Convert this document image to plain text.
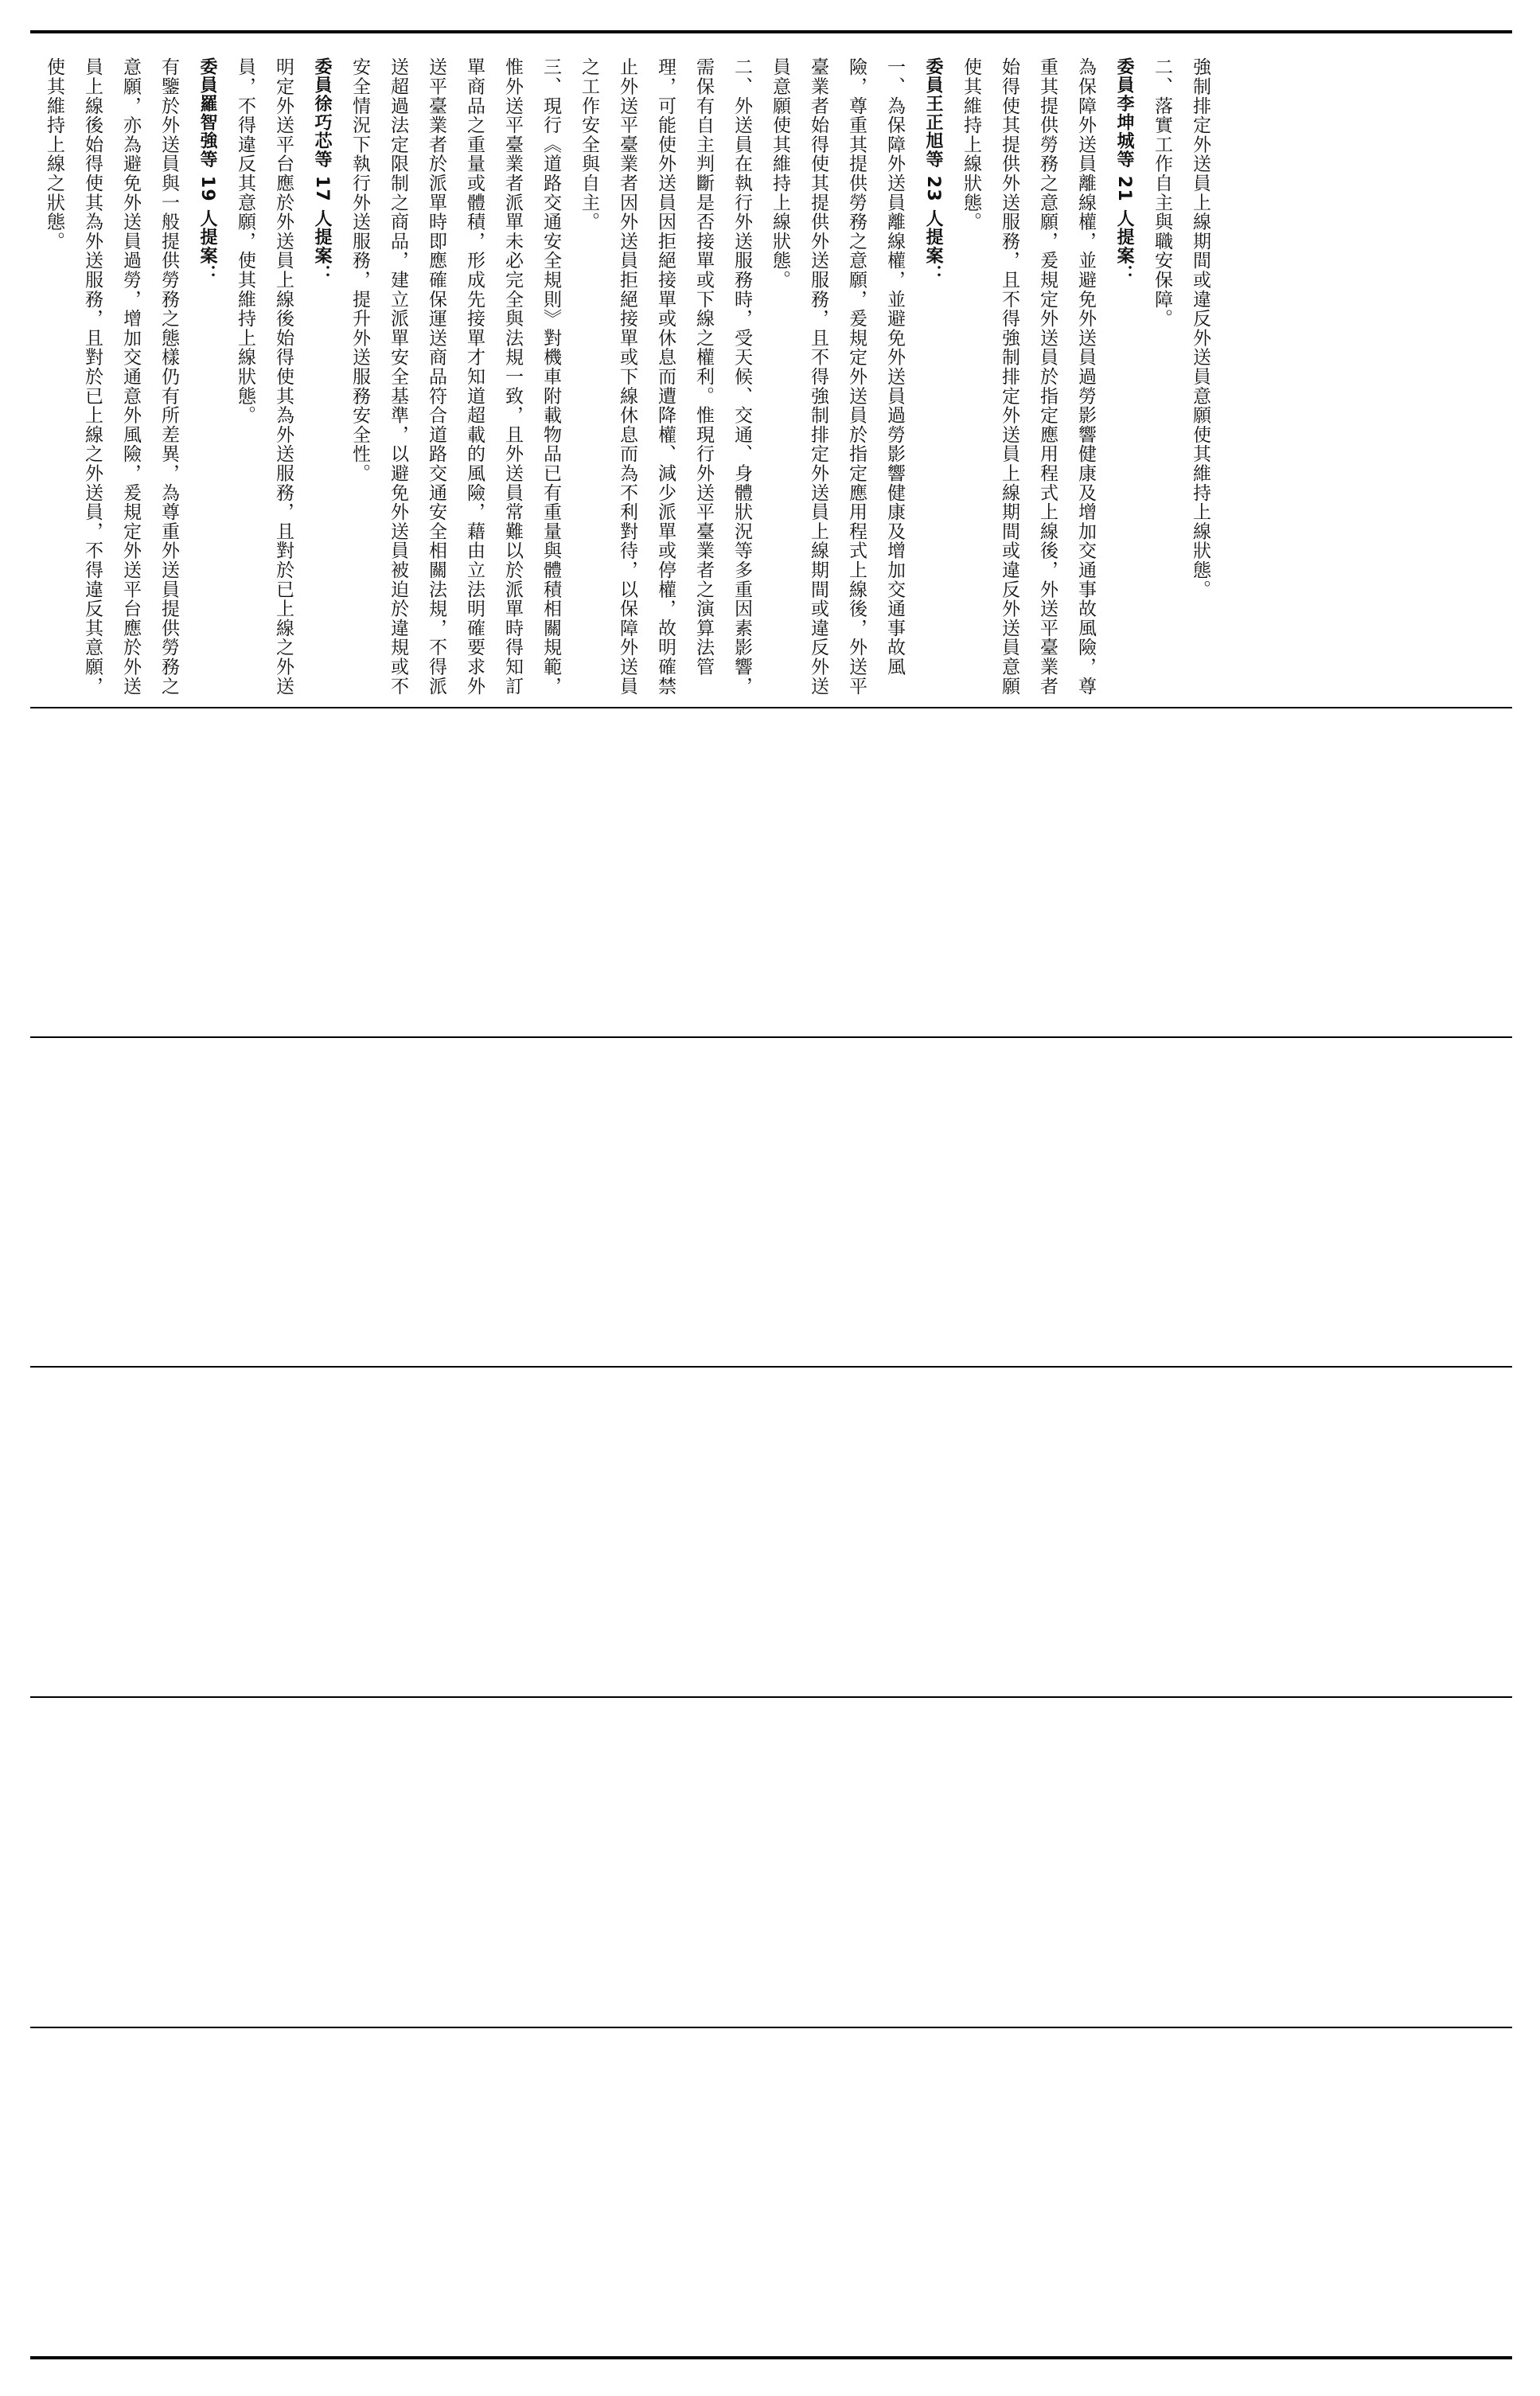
強制排定外送員上線期間或違反外送員意願使其維持上線狀態。

二、落實工作自主與職安保障。

委員李坤城等 21 人提案：

為保障外送員離線權，並避免外送員過勞影響健康及增加交通事故風險，尊重其提供勞務之意願，爰規定外送員於指定應用程式上線後，外送平臺業者始得使其提供外送服務，且不得強制排定外送員上線期間或違反外送員意願使其維持上線狀態。

委員王正旭等 23 人提案：

一、為保障外送員離線權，並避免外送員過勞影響健康及增加交通事故風險，尊重其提供勞務之意願，爰規定外送員於指定應用程式上線後，外送平臺業者始得使其提供外送服務，且不得強制排定外送員上線期間或違反外送員意願使其維持上線狀態。

二、外送員在執行外送服務時，受天候、交通、身體狀況等多重因素影響，需保有自主判斷是否接單或下線之權利。惟現行外送平臺業者之演算法管理，可能使外送員因拒絕接單或休息而遭降權、減少派單或停權，故明確禁止外送平臺業者因外送員拒絕接單或下線休息而為不利對待，以保障外送員之工作安全與自主。

三、現行《道路交通安全規則》對機車附載物品已有重量與體積相關規範，惟外送平臺業者派單未必完全與法規一致，且外送員常難以於派單時得知訂單商品之重量或體積，形成先接單才知道超載的風險，藉由立法明確要求外送平臺業者於派單時即應確保運送商品符合道路交通安全相關法規，不得派送超過法定限制之商品，建立派單安全基準，以避免外送員被迫於違規或不安全情況下執行外送服務，提升外送服務安全性。

委員徐巧芯等 17 人提案：

明定外送平台應於外送員上線後始得使其為外送服務，且對於已上線之外送員，不得違反其意願，使其維持上線狀態。

委員羅智強等 19 人提案：

有鑒於外送員與一般提供勞務之態樣仍有所差異，為尊重外送員提供勞務之意願，亦為避免外送員過勞，增加交通意外風險，爰規定外送平台應於外送員上線後始得使其為外送服務，且對於已上線之外送員，不得違反其意願，使其維持上線之狀態。
